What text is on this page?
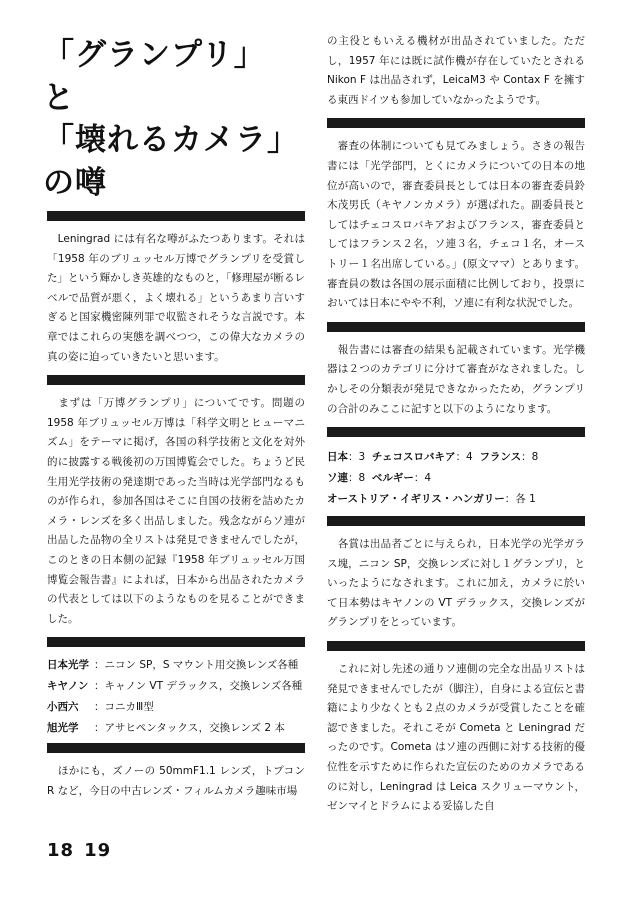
「グランプリ」
と
「壊れるカメラ」
の噂

　Leningrad には有名な噂がふたつあります。それは「1958 年のブリュッセル万博でグランプリを受賞した」という輝かしき英雄的なものと，「修理屋が断るレベルで品質が悪く，よく壊れる」というあまり言いすぎると国家機密陳列罪で収監されそうな言説です。本章ではこれらの実態を調べつつ，この偉大なカメラの真の姿に迫っていきたいと思います。

　まずは「万博グランプリ」についてです。問題の 1958 年ブリュッセル万博は「科学文明とヒューマニズム」をテーマに掲げ，各国の科学技術と文化を対外的に披露する戦後初の万国博覧会でした。ちょうど民生用光学技術の発達期であった当時は光学部門なるものが作られ，参加各国はそこに自国の技術を詰めたカメラ・レンズを多く出品しました。残念ながらソ連が出品した品物の全リストは発見できませんでしたが，このときの日本側の記録『1958 年ブリュッセル万国博覧会報告書』によれば，日本から出品されたカメラの代表としては以下のようなものを見ることができました。

日本光学 ：ニコン SP，S マウント用交換レンズ各種
キヤノン ：キャノン VT デラックス，交換レンズ各種
小西六	：コニカⅢ型
旭光学	：アサヒペンタックス，交換レンズ 2 本

　ほかにも，ズノーの 50mmF1.1 レンズ，トプコン R など，今日の中古レンズ・フィルムカメラ趣味市場

の主役ともいえる機材が出品されていました。ただし，1957 年には既に試作機が存在していたとされる Nikon F は出品されず，LeicaM3 や Contax F を擁する東西ドイツも参加していなかったようです。

　審査の体制についても見てみましょう。さきの報告書には「光学部門，とくにカメラについての日本の地位が高いので，審査委員長としては日本の審査委員鈴木茂男氏（キヤノンカメラ）が選ばれた。副委員長としてはチェコスロバキアおよびフランス，審査委員としてはフランス２名，ソ連３名，チェコ１名，オーストリー１名出席している。」(原文ママ）とあります。審査員の数は各国の展示面積に比例しており，投票においては日本にやや不利，ソ連に有利な状況でした。

　報告書には審査の結果も記載されています。光学機器は２つのカテゴリに分けて審査がなされました。しかしその分類表が発見できなかったため，グランプリの合計のみここに記すと以下のようになります。

日本：3 チェコスロバキア：4 フランス：8
ソ連：8 ベルギー：4
オーストリア・イギリス・ハンガリー：各 1

　各賞は出品者ごとに与えられ，日本光学の光学ガラス塊，ニコン SP，交換レンズに対し１グランプリ，といったようになされます。これに加え，カメラに於いて日本勢はキヤノンの VT デラックス，交換レンズがグランプリをとっています。

　これに対し先述の通りソ連側の完全な出品リストは発見できませんでしたが（脚注），自身による宣伝と書籍により少なくとも２点のカメラが受賞したことを確認できました。それこそが Cometa と Leningrad だったのです。Cometa はソ連の西側に対する技術的優位性を示すために作られた宣伝のためのカメラであるのに対し，Leningrad は Leica スクリューマウント，ゼンマイとドラムによる妥協した自

18 19
